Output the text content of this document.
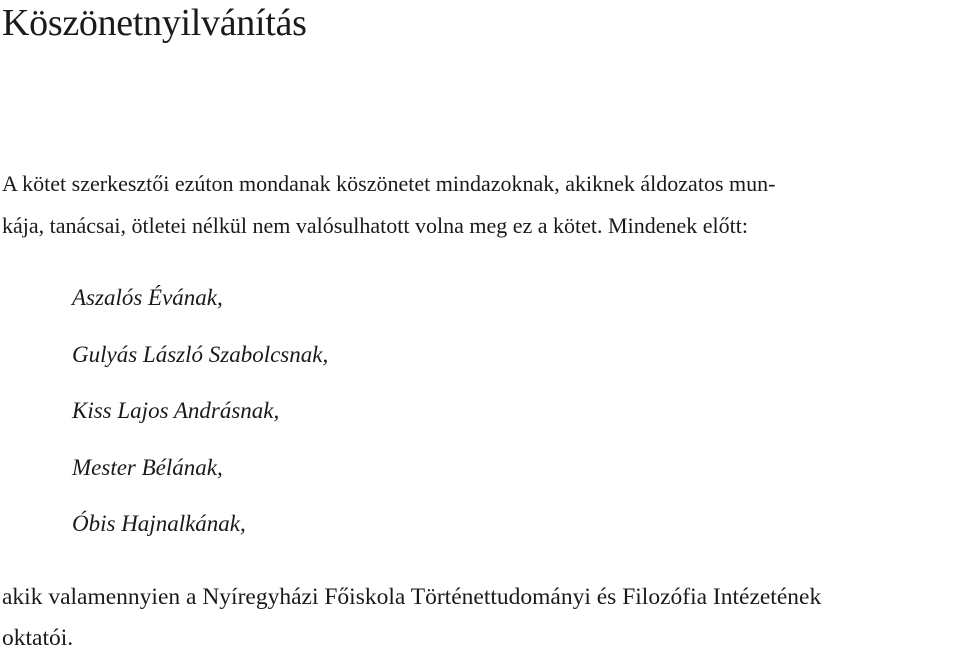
Köszönetnyilvánítás

A kötet szerkesztői ezúton mondanak köszönetet mindazoknak, akiknek áldozatos mun-

kája, tanácsai, ötletei nélkül nem valósulhatott volna meg ez a kötet. Mindenek előtt:

Aszalós Évának,
Gulyás László Szabolcsnak,
Kiss Lajos Andrásnak,
Mester Bélának,
Óbis Hajnalkának,

akik valamennyien a Nyíregyházi Főiskola Történettudományi és Filozófia Intézetének

oktatói.
